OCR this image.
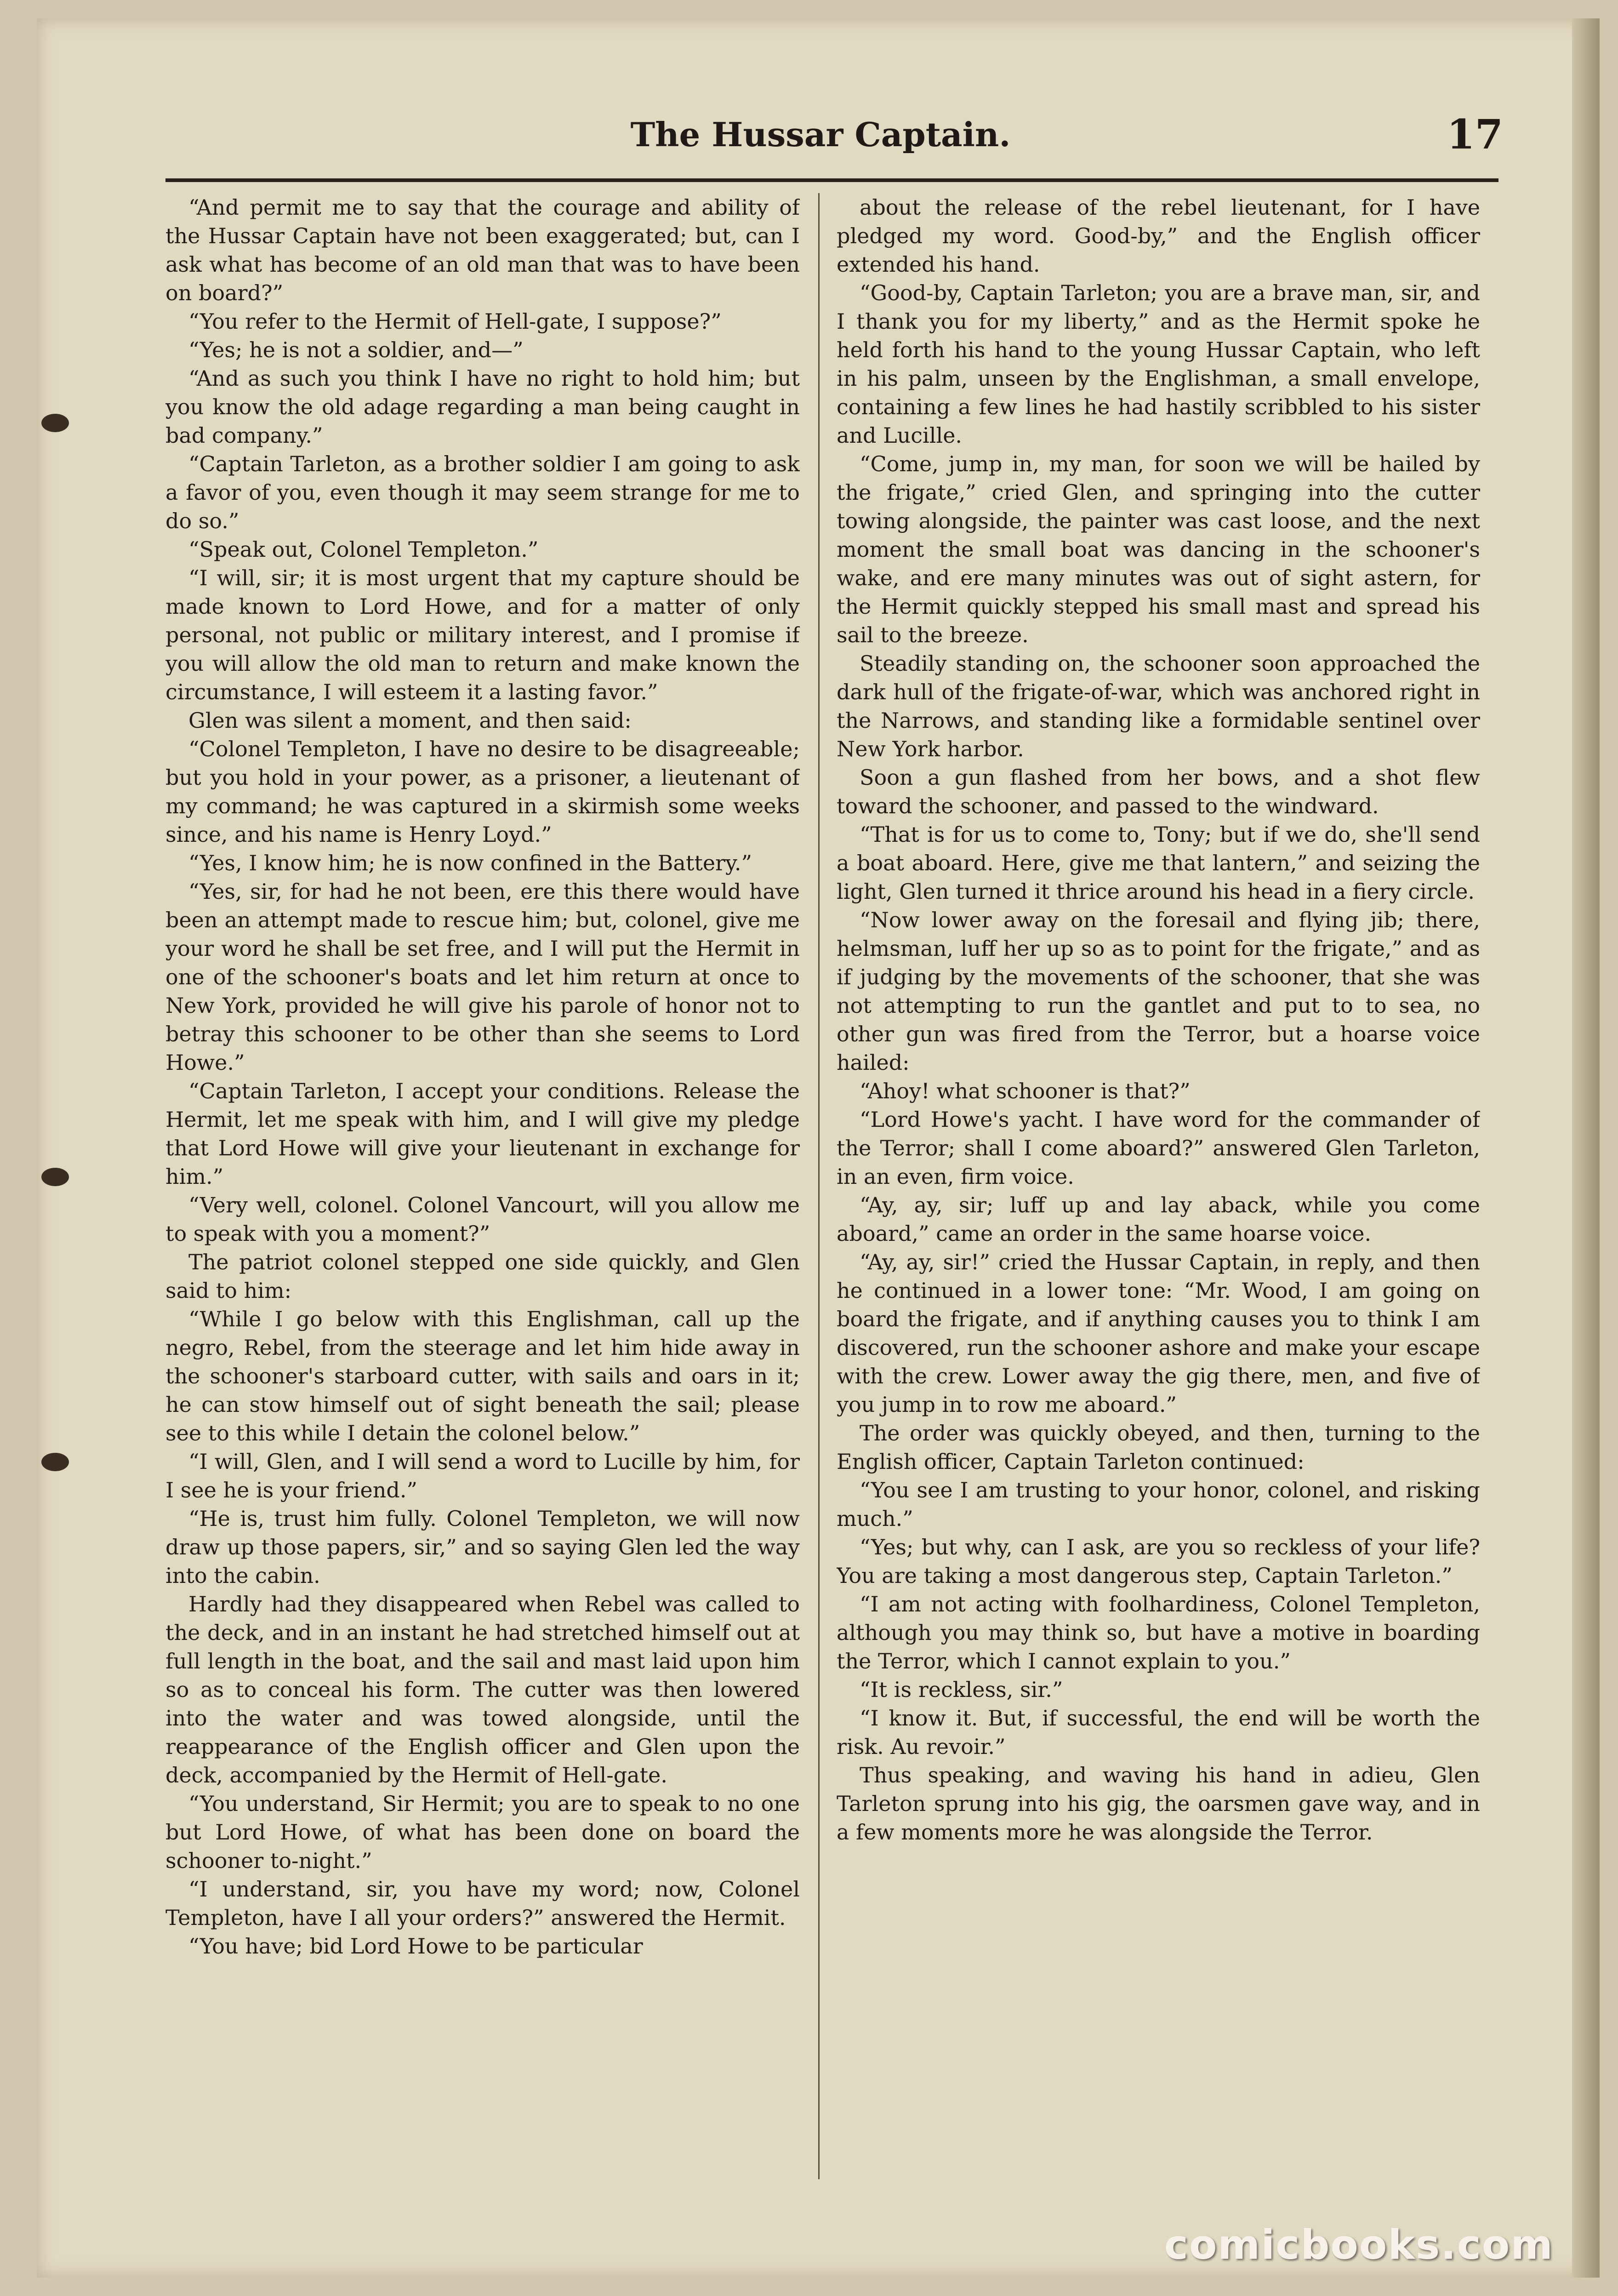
The Hussar Captain.	17

“And permit me to say that the courage and ability of the Hussar Captain have not been exaggerated; but, can I ask what has become of an old man that was to have been on board?”

“You refer to the Hermit of Hell-gate, I suppose?”

“Yes; he is not a soldier, and—”

“And as such you think I have no right to hold him; but you know the old adage regarding a man being caught in bad company.”

“Captain Tarleton, as a brother soldier I am going to ask a favor of you, even though it may seem strange for me to do so.”

“Speak out, Colonel Templeton.”

“I will, sir; it is most urgent that my capture should be made known to Lord Howe, and for a matter of only personal, not public or military interest, and I promise if you will allow the old man to return and make known the circumstance, I will esteem it a lasting favor.”

Glen was silent a moment, and then said:

“Colonel Templeton, I have no desire to be disagreeable; but you hold in your power, as a prisoner, a lieutenant of my command; he was captured in a skirmish some weeks since, and his name is Henry Loyd.”

“Yes, I know him; he is now confined in the Battery.”

“Yes, sir, for had he not been, ere this there would have been an attempt made to rescue him; but, colonel, give me your word he shall be set free, and I will put the Hermit in one of the schooner's boats and let him return at once to New York, provided he will give his parole of honor not to betray this schooner to be other than she seems to Lord Howe.”

“Captain Tarleton, I accept your conditions. Release the Hermit, let me speak with him, and I will give my pledge that Lord Howe will give your lieutenant in exchange for him.”

“Very well, colonel. Colonel Vancourt, will you allow me to speak with you a moment?”

The patriot colonel stepped one side quickly, and Glen said to him:

“While I go below with this Englishman, call up the negro, Rebel, from the steerage and let him hide away in the schooner's starboard cutter, with sails and oars in it; he can stow himself out of sight beneath the sail; please see to this while I detain the colonel below.”

“I will, Glen, and I will send a word to Lucille by him, for I see he is your friend.”

“He is, trust him fully. Colonel Templeton, we will now draw up those papers, sir,” and so saying Glen led the way into the cabin.

Hardly had they disappeared when Rebel was called to the deck, and in an instant he had stretched himself out at full length in the boat, and the sail and mast laid upon him so as to conceal his form. The cutter was then lowered into the water and was towed alongside, until the reappearance of the English officer and Glen upon the deck, accompanied by the Hermit of Hell-gate.

“You understand, Sir Hermit; you are to speak to no one but Lord Howe, of what has been done on board the schooner to-night.”

“I understand, sir, you have my word; now, Colonel Templeton, have I all your orders?” answered the Hermit.

“You have; bid Lord Howe to be particular

about the release of the rebel lieutenant, for I have pledged my word. Good-by,” and the English officer extended his hand.

“Good-by, Captain Tarleton; you are a brave man, sir, and I thank you for my liberty,” and as the Hermit spoke he held forth his hand to the young Hussar Captain, who left in his palm, unseen by the Englishman, a small envelope, containing a few lines he had hastily scribbled to his sister and Lucille.

“Come, jump in, my man, for soon we will be hailed by the frigate,” cried Glen, and springing into the cutter towing alongside, the painter was cast loose, and the next moment the small boat was dancing in the schooner's wake, and ere many minutes was out of sight astern, for the Hermit quickly stepped his small mast and spread his sail to the breeze.

Steadily standing on, the schooner soon approached the dark hull of the frigate-of-war, which was anchored right in the Narrows, and standing like a formidable sentinel over New York harbor.

Soon a gun flashed from her bows, and a shot flew toward the schooner, and passed to the windward.

“That is for us to come to, Tony; but if we do, she'll send a boat aboard. Here, give me that lantern,” and seizing the light, Glen turned it thrice around his head in a fiery circle.

“Now lower away on the foresail and flying jib; there, helmsman, luff her up so as to point for the frigate,” and as if judging by the movements of the schooner, that she was not attempting to run the gantlet and put to to sea, no other gun was fired from the Terror, but a hoarse voice hailed:

“Ahoy! what schooner is that?”

“Lord Howe's yacht. I have word for the commander of the Terror; shall I come aboard?” answered Glen Tarleton, in an even, firm voice.

“Ay, ay, sir; luff up and lay aback, while you come aboard,” came an order in the same hoarse voice.

“Ay, ay, sir!” cried the Hussar Captain, in reply, and then he continued in a lower tone: “Mr. Wood, I am going on board the frigate, and if anything causes you to think I am discovered, run the schooner ashore and make your escape with the crew. Lower away the gig there, men, and five of you jump in to row me aboard.”

The order was quickly obeyed, and then, turning to the English officer, Captain Tarleton continued:

“You see I am trusting to your honor, colonel, and risking much.”

“Yes; but why, can I ask, are you so reckless of your life? You are taking a most dangerous step, Captain Tarleton.”

“I am not acting with foolhardiness, Colonel Templeton, although you may think so, but have a motive in boarding the Terror, which I cannot explain to you.”

“It is reckless, sir.”

“I know it. But, if successful, the end will be worth the risk. Au revoir.”

Thus speaking, and waving his hand in adieu, Glen Tarleton sprung into his gig, the oarsmen gave way, and in a few moments more he was alongside the Terror.

comicbooks.com
